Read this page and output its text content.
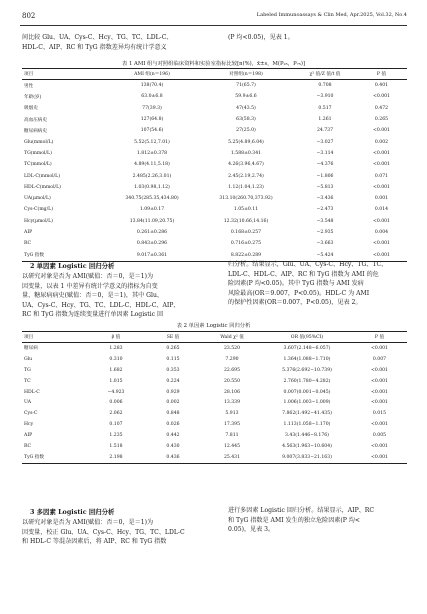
802	Labeled Immunoassays & Clin Med, Apr.2025, Vol.32, No.4
间比较 Glu、UA、Cys-C、Hcy、TG、TC、LDL-C、
HDL-C、AIP、RC 和 TyG 指数差异均有统计学意义
(P 均<0.05)，见表 1。
表 1 AMI 组与对照组临床资料和实验室指标比较[n(%)，x̄±s，M(P₂₅，P₇₅)]
项目	AMI 组(n＝196)	对照组(n＝198)	χ² 值/Z 值/t 值	P 值
男性	138(70.4)	71(65.7)	0.708	0.401
年龄(岁)	63.0±6.8	59.9±6.6	−3.910	<0.001
吸烟史	77(39.3)	47(43.5)	0.517	0.472
高血压病史	127(64.8)	63(58.3)	1.261	0.265
糖尿病病史	107(54.6)	27(25.0)	24.737	<0.001
Glu(mmol/L)	5.52(5.12,7.01)	5.25(4.89,6.04)	−3.027	0.002
TG(mmol/L)	1.812±0.378	1.588±0.341	−3.114	<0.001
TC(mmol/L)	4.89(4.11,5.18)	4.26(3.96,4.67)	−4.376	<0.001
LDL-C(mmol/L)	2.485(2.26,3.01)	2.45(2.19,2.74)	−1.806	0.071
HDL-C(mmol/L)	1.03(0.98,1.12)	1.12(1.04,1.23)	−5.813	<0.001
UA(μmol/L)	340.75(285.35,434.80)	313.10(260.70,373.92)	−3.436	0.001
Cys-C(mg/L)	1.09±0.17	1.05±0.11	−2.473	0.014
Hcy(μmol/L)	13.84(11.09,20.75)	12.32(10.66,14.16)	−3.548	<0.001
AIP	0.261±0.286	0.168±0.257	−2.935	0.004
RC	0.843±0.296	0.716±0.275	−3.663	<0.001
TyG 指数	9.017±0.361	8.822±0.289	−5.424	<0.001
2 单因素 Logistic 回归分析
以研究对象是否为 AMI(赋值：否＝0，是＝1)为
因变量，以表 1 中差异有统计学意义的指标为自变
量，糖尿病病史(赋值：否＝0，是＝1)，其中 Glu、
UA、Cys-C、Hcy、TG、TC、LDL-C、HDL-C、AIP、
RC 和 TyG 指数为连续变量进行单因素 Logistic 回
归分析。结果显示，Glu、UA、Cys-C、Hcy、TG、TC、
LDL-C、HDL-C、AIP、RC 和 TyG 指数为 AMI 的危
险因素(P 均<0.05)。其中 TyG 指数与 AMI 发病
风险最高(OR＝9.007，P<0.05)。HDL-C 为 AMI
的保护性因素(OR＝0.007，P<0.05)，见表 2。
表 2 单因素 Logistic 回归分析
项目	β 值	SE 值	Wald χ² 值	OR 值(95%CI)	P 值
糖尿病	1.283	0.265	23.520	3.607(2.148∼6.057)	<0.001
Glu	0.310	0.115	7.290	1.364(1.088∼1.710)	0.007
TG	1.682	0.353	22.695	5.376(2.692∼10.739)	<0.001
TC	1.015	0.224	20.550	2.760(1.780∼4.282)	<0.001
HDL-C	−4.923	0.929	28.106	0.007(0.001∼0.045)	<0.001
UA	0.006	0.002	13.339	1.006(1.003∼1.009)	<0.001
Cys-C	2.062	0.848	5.913	7.862(1.492∼41.435)	0.015
Hcy	0.107	0.026	17.395	1.113(1.058∼1.170)	<0.001
AIP	1.235	0.442	7.811	3.43(1.446∼8.176)	0.005
RC	1.518	0.430	12.445	4.563(1.963∼10.604)	<0.001
TyG 指数	2.198	0.436	25.431	9.007(3.833∼21.163)	<0.001
3 多因素 Logistic 回归分析
以研究对象是否为 AMI(赋值：否＝0，是＝1)为
因变量，校正 Glu、UA、Cys-C、Hcy、TG、TC、LDL-C
和 HDL-C 等混杂因素后，将 AIP、RC 和 TyG 指数
进行多因素 Logistic 回归分析。结果显示，AIP、RC
和 TyG 指数是 AMI 发生的独立危险因素(P 均<
0.05)，见表 3。
